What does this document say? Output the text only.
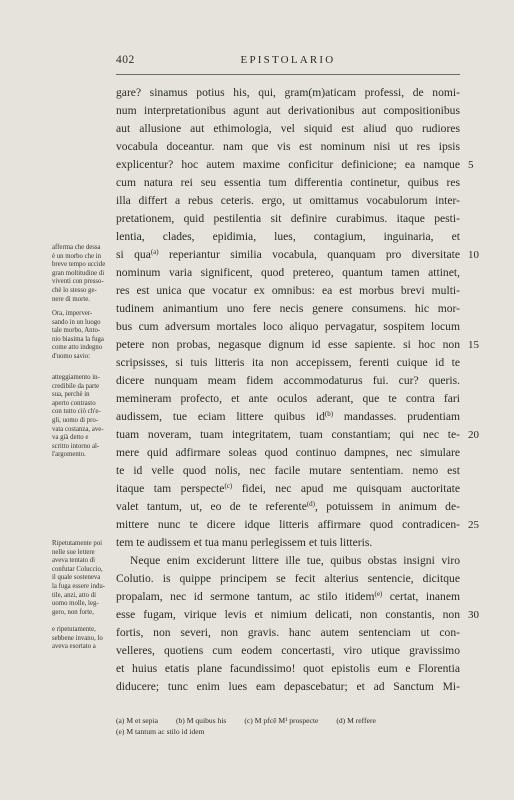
402	EPISTOLARIO
gare? sinamus potius his, qui, gram(m)aticam professi, de nomi-
num interpretationibus agunt aut derivationibus aut compositionibus
aut allusione aut ethimologia, vel siquid est aliud quo rudiores
vocabula doceantur. nam que vis est nominum nisi ut res ipsis
explicentur? hoc autem maxime conficitur definicione; ea namque
cum natura rei seu essentia tum differentia continetur, quibus res
illa differt a rebus ceteris. ergo, ut omittamus vocabulorum inter-
pretationem, quid pestilentia sit definire curabimus. itaque pesti-
lentia, clades, epidimia, lues, contagium, inguinaria, et
si qua$^{(a)}$ reperiantur similia vocabula, quanquam pro diversitate
nominum varia significent, quod pretereo, quantum tamen attinet,
res est unica que vocatur ex omnibus: ea est morbus brevi multi-
tudinem animantium uno fere necis genere consumens. hic mor-
bus cum adversum mortales loco aliquo pervagatur, sospitem locum
petere non probas, negasque dignum id esse sapiente. si hoc non
scripsisses, si tuis litteris ita non accepissem, ferenti cuique id te
dicere nunquam meam fidem accommodaturus fui. cur? queris.
memineram profecto, et ante oculos aderant, que te contra fari
audissem, tue eciam littere quibus id$^{(b)}$ mandasses. prudentiam
tuam noveram, tuam integritatem, tuam constantiam; qui nec te-
mere quid adfirmare soleas quod continuo dampnes, nec simulare
te id velle quod nolis, nec facile mutare sententiam. nemo est
itaque tam perspecte$^{(c)}$ fidei, nec apud me quisquam auctoritate
valet tantum, ut, eo de te referente$^{(d)}$, potuissem in animum de-
mittere nunc te dicere idque litteris affirmare quod contradicen-
tem te audissem et tua manu perlegissem et tuis litteris.
Neque enim exciderunt littere ille tue, quibus obstas insigni viro
Colutio. is quippe principem se fecit alterius sentencie, dicitque
propalam, nec id sermone tantum, ac stilo itidem$^{(e)}$ certat, inanem
esse fugam, virique levis et nimium delicati, non constantis, non
fortis, non severi, non gravis. hanc autem sentenciam ut con-
velleres, quotiens cum eodem concertasti, viro utique gravissimo
et huius etatis plane facundissimo! quot epistolis eum e Florentia
diducere; tunc enim lues eam depascebatur; et ad Sanctum Mi-
5
10
15
20
25
30
afferma che dessa
è un morbo che in
breve tempo uccide
gran moltitudine di
viventi con presso-
chè lo stesso ge-
nere di morte.
Ora, imperver-
sando in un luogo
tale morbo, Anto-
nio biasima la fuga
come atto indegno
d'uomo savio:
atteggiamento in-
credibile da parte
sua, perchè in
aperto contrasto
con tutto ciò ch'e-
gli, uomo di pro-
vata costanza, ave-
va già detto e
scritto intorno al-
l'argomento.
Ripetutamente poi
nelle sue lettere
aveva tentato di
confutar Coluccio,
il quale sosteneva
la fuga essere indu-
tile, anzi, atto di
uomo molle, leg-
gero, non forte,
e ripetutamente,
sebbene invano, lo
aveva esortato a
(a) M et sepia (b) M quibus his (c) M pfcě M¹ prospecte (d) M reffere
(e) M tantum ac stilo id idem
